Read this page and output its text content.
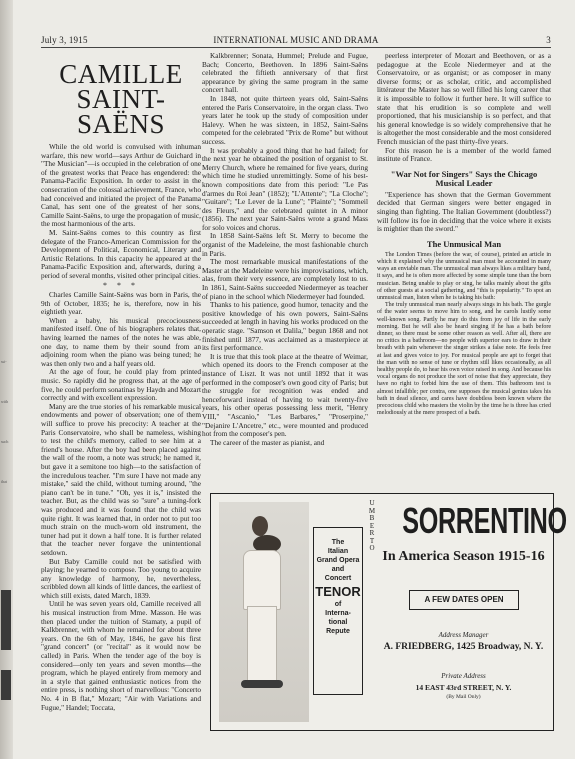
ssi-
with
such
that
INTERNATIONAL MUSIC AND DRAMA
July 3, 1915	3
CAMILLE
SAINT-SAËNS

While the old world is convulsed with inhuman warfare, this new world—says Arthur de Guichard in "The Musician"—is occupied in the celebration of one of the greatest works that Peace has engendered: the Panama-Pacific Exposition. In order to assist in the consecration of the colossal achievement, France, who had conceived and initiated the project of the Panama Canal, has sent one of the greatest of her sons, Camille Saint-Saëns, to urge the propagation of music, the most harmonious of the arts.

M. Saint-Saëns comes to this country as first delegate of the Franco-American Commission for the Development of Political, Economical, Literary and Artistic Relations. In this capacity he appeared at the Panama-Pacific Exposition and, afterwards, during a period of several months, visited other principal cities.

* * *

Charles Camille Saint-Saëns was born in Paris, the 9th of October, 1835; he is, therefore, now in his eightieth year.

When a baby, his musical precociousness manifested itself. One of his biographers relates that, having learned the names of the notes he was able, one day, to name them by their sound from an adjoining room when the piano was being tuned; he was then only two and a half years old.

At the age of four, he could play from printed music. So rapidly did he progress that, at the age of five, he could perform sonatinas by Haydn and Mozart correctly and with excellent expression.

Many are the true stories of his remarkable musical endowments and power of observation; one of them will suffice to prove his precocity: A teacher at the Paris Conservatoire, who shall be nameless, wishing to test the child's memory, called to see him at a friend's house. After the boy had been placed against the wall of the room, a note was struck; he named it, but gave it a semitone too high—to the satisfaction of the incredulous teacher. "I'm sure I have not made any mistake," said the child, without turning around, "the piano can't be in tune." "Oh, yes it is," insisted the teacher. But, as the child was so "sure" a tuning-fork was produced and it was found that the child was quite right. It was learned that, in order not to put too much strain on the much-worn old instrument, the tuner had put it down a half tone. It is further related that the teacher never forgave the unintentional setdown.

But Baby Camille could not be satisfied with playing; he yearned to compose. Too young to acquire any knowledge of harmony, he, nevertheless, scribbled down all kinds of little dances, the earliest of which still exists, dated March, 1839.

Until he was seven years old, Camille received all his musical instruction from Mme. Masson. He was then placed under the tuition of Stamaty, a pupil of Kalkbrenner, with whom he remained for about three years. On the 6th of May, 1846, he gave his first "grand concert" (or "recital" as it would now be called) in Paris. When the tender age of the boy is considered—only ten years and seven months—the program, which he played entirely from memory and in a style that gained enthusiastic notices from the entire press, is nothing short of marvellous: "Concerto No. 4 in B flat," Mozart; "Air with Variations and Fugue," Handel; Toccata,

Kalkbrenner; Sonata, Hummel; Prelude and Fugue, Bach; Concerto, Beethoven. In 1896 Saint-Saëns celebrated the fiftieth anniversary of that first appearance by giving the same program in the same concert hall.

In 1848, not quite thirteen years old, Saint-Saëns entered the Paris Conservatoire, in the organ class. Two years later he took up the study of composition under Halevy. When he was sixteen, in 1852, Saint-Saëns competed for the celebrated "Prix de Rome" but without success.

It was probably a good thing that he had failed; for the next year he obtained the position of organist to St. Merry Church, where he remained for five years, during which time he studied unremittingly. Some of his best-known compositions date from this period: "Le Pas d'armes du Roi Jean" (1852); "L'Attente"; "La Cloche"; "Guitare"; "Le Lever de la Lune"; "Plainte"; "Sommeil des Fleurs," and the celebrated quintet in A minor (1856). The next year Saint-Saëns wrote a grand Mass for solo voices and chorus.

In 1858 Saint-Saëns left St. Merry to become the organist of the Madeleine, the most fashionable church in Paris.

The most remarkable musical manifestations of the Master at the Madeleine were his improvisations, which, alas, from their very essence, are completely lost to us. In 1861, Saint-Saëns succeeded Niedermeyer as teacher of piano in the school which Niedermeyer had founded.

Thanks to his patience, good humor, tenacity and the positive knowledge of his own powers, Saint-Saëns succeeded at length in having his works produced on the operatic stage. "Samson et Dalila," begun 1868 and not finished until 1877, was acclaimed as a masterpiece at its first performance.

It is true that this took place at the theatre of Weimar, which opened its doors to the French composer at the instance of Liszt. It was not until 1892 that it was performed in the composer's own good city of Paris; but the struggle for recognition was ended and henceforward instead of having to wait twenty-five years, his other operas possessing less merit, "Henry VIII," "Ascanio," "Les Barbares," "Proserpine," "Dejanire L'Ancetre," etc., were mounted and produced hot from the composer's pen.

The career of the master as pianist, and

peerless interpreter of Mozart and Beethoven, or as a pedagogue at the Ecole Niedermeyer and at the Conservatoire, or as organist; or as composer in many diverse forms; or as scholar, critic, and accomplished littérateur the Master has so well filled his long career that it is impossible to follow it further here. It will suffice to state that his erudition is so complete and well proportioned, that his musicianship is so perfect, and that his general knowledge is so widely comprehensive that he is altogether the most considerable and the most considered French musician of the past thirty-five years.

For this reason he is a member of the world famed institute of France.

"War Not for Singers" Says the Chicago Musical Leader

"Experience has shown that the German Government decided that German singers were better engaged in singing than fighting. The Italian Government (doubtless?) will follow its foe in deciding that the voice where it exists is mightier than the sword."

The Unmusical Man

The London Times (before the war, of course), printed an article in which it explained why the unmusical man must be accounted in many ways an enviable man. The unmusical man always likes a military band, it says, and he is often more affected by some simple tune than the born musician. Being unable to play or sing, he talks mainly about the gifts of other guests at a social gathering, and "this is popularity." To spot an unmusical man, listen when he is taking his bath:

The truly unmusical man nearly always sings in his bath. The gurgle of the water seems to move him to song, and he carols lustily some well-known song. Partly he may do this from joy of life in the early morning. But he will also be heard singing if he has a bath before dinner, so there must be some other reason as well. After all, there are no critics in a bathroom—no people with superior ears to draw in their breath with pain whenever the singer strikes a false note. He feels free at last and gives voice to joy. For musical people are apt to forget that the man with no sense of tune or rhythm still likes occasionally, as all healthy people do, to hear his own voice raised in song. And because his vocal organs do not produce the sort of noise that they appreciate, they have no right to forbid him the use of them. This bathroom test is almost infallible; per contra, one supposes the musical genius takes his bath in dead silence, and cares have doubtless been known where the precocious child who masters the violin by the time he is three has cried melodiously at the mere prospect of a bath.

The
Italian
Grand Opera
and
Concert
TENOR
of
Interna-
tional
Repute
U
M
B
E
R
T
O
SORRENTINO
In America Season 1915-16
A FEW DATES OPEN
Address Manager
A. FRIEDBERG, 1425 Broadway, N. Y.
Private Address
14 EAST 43rd STREET, N. Y.
(By Mail Only)
